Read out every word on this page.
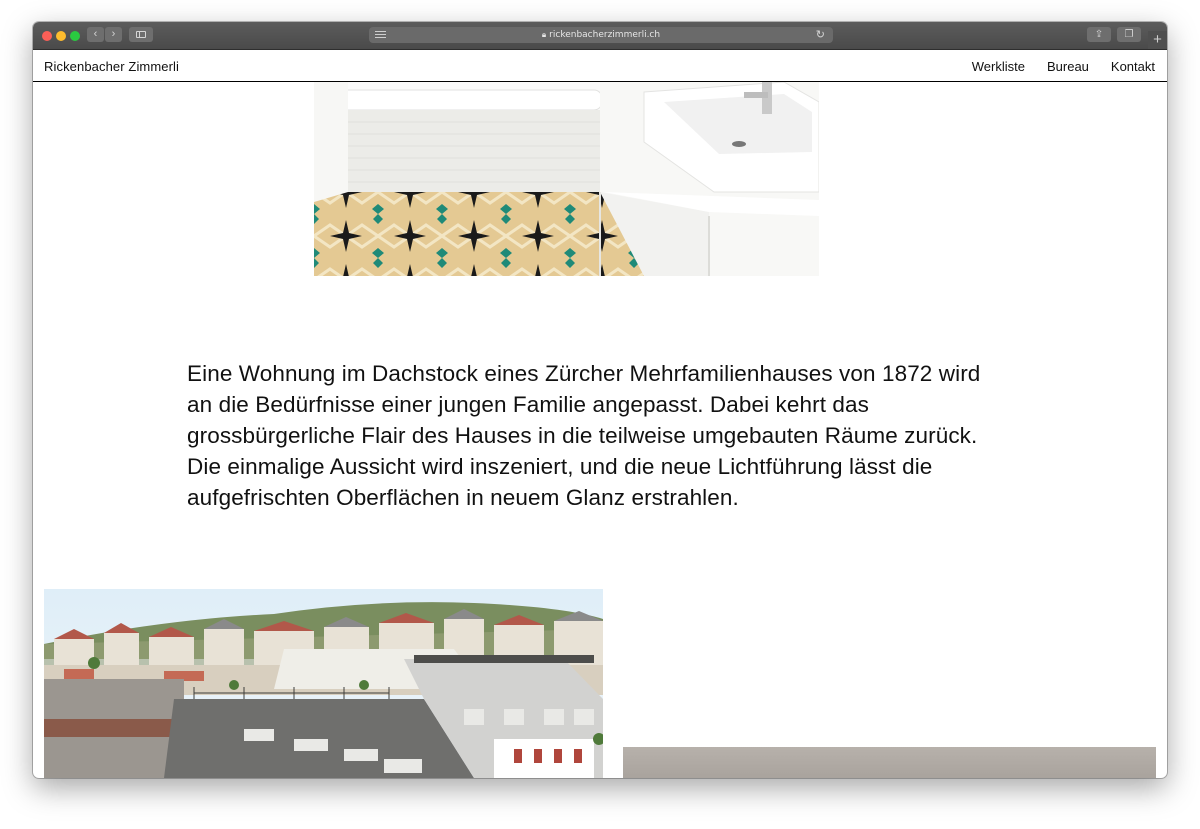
‹	›	🔒︎ rickenbacherzimmerli.ch	↻	⇪	❐	+
Rickenbacher Zimmerli	Werkliste Bureau Kontakt

Eine Wohnung im Dachstock eines Zürcher Mehrfamilienhauses von 1872 wird an die Bedürfnisse einer jungen Familie angepasst. Dabei kehrt das grossbürgerliche Flair des Hauses in die teilweise umgebauten Räume zurück. Die einmalige Aussicht wird inszeniert, und die neue Lichtführung lässt die aufgefrischten Oberflächen in neuem Glanz erstrahlen.
